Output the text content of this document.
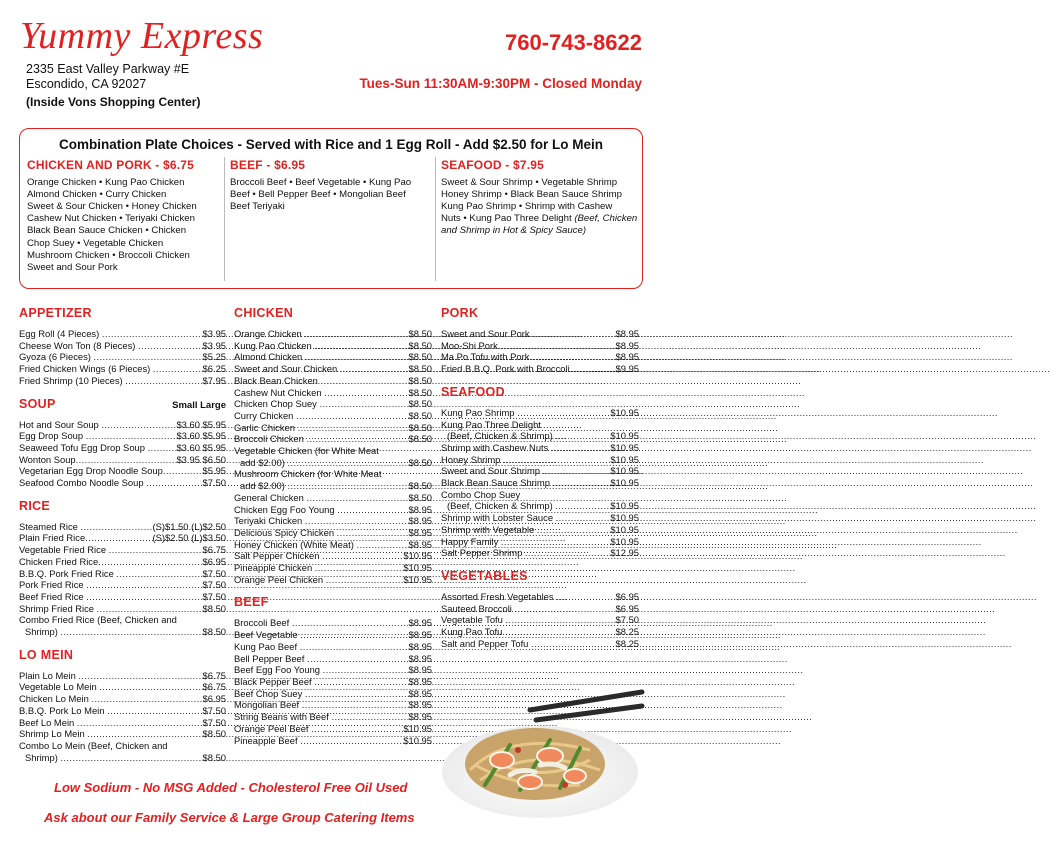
Yummy Express
2335 East Valley Parkway #E
Escondido, CA 92027
(Inside Vons Shopping Center)
760-743-8622
Tues-Sun 11:30AM-9:30PM - Closed Monday
Combination Plate Choices - Served with Rice and 1 Egg Roll - Add $2.50 for Lo Mein
CHICKEN AND PORK - $6.75
Orange Chicken • Kung Pao Chicken
Almond Chicken • Curry Chicken
Sweet & Sour Chicken • Honey Chicken
Cashew Nut Chicken • Teriyaki Chicken
Black Bean Sauce Chicken • Chicken
Chop Suey • Vegetable Chicken
Mushroom Chicken • Broccoli Chicken
Sweet and Sour Pork
BEEF - $6.95
Broccoli Beef • Beef Vegetable • Kung Pao
Beef • Bell Pepper Beef • Mongolian Beef
Beef Teriyaki
SEAFOOD - $7.95
Sweet & Sour Shrimp • Vegetable Shrimp
Honey Shrimp • Black Bean Sauce Shrimp
Kung Pao Shrimp • Shrimp with Cashew
Nuts • Kung Pao Three Delight (Beef, Chicken and Shrimp in Hot & Spicy Sauce)
APPETIZER
Egg Roll (4 Pieces) .....	$3.95
Cheese Won Ton (8 Pieces) .....	$3.95
Gyoza (6 Pieces) .....	$5.25
Fried Chicken Wings (6 Pieces) .....	$6.25
Fried Shrimp (10 Pieces) .....	$7.95
SOUP	Small Large
Hot and Sour Soup .....	$3.60 $5.95
Egg Drop Soup .....	$3.60 $5.95
Seaweed Tofu Egg Drop Soup .....	$3.60 $5.95
Wonton Soup .....	$3.95 $6.50
Vegetarian Egg Drop Noodle Soup .....	$5.95
Seafood Combo Noodle Soup .....	$7.50
RICE
Steamed Rice .....	(S)$1.50 (L)$2.50
Plain Fried Rice .....	(S)$2.50 (L)$3.50
Vegetable Fried Rice .....	$6.75
Chicken Fried Rice .....	$6.95
B.B.Q. Pork Fried Rice .....	$7.50
Pork Fried Rice .....	$7.50
Beef Fried Rice .....	$7.50
Shrimp Fried Rice .....	$8.50
Combo Fried Rice (Beef, Chicken and
Shrimp) .....	$8.50
LO MEIN
Plain Lo Mein .....	$6.75
Vegetable Lo Mein .....	$6.75
Chicken Lo Mein .....	$6.95
B.B.Q. Pork Lo Mein .....	$7.50
Beef Lo Mein .....	$7.50
Shrimp Lo Mein .....	$8.50
Combo Lo Mein (Beef, Chicken and
Shrimp) .....	$8.50
CHICKEN
Orange Chicken .....	$8.50
Kung Pao Chicken .....	$8.50
Almond Chicken .....	$8.50
Sweet and Sour Chicken .....	$8.50
Black Bean Chicken .....	$8.50
Cashew Nut Chicken .....	$8.50
Chicken Chop Suey .....	$8.50
Curry Chicken .....	$8.50
Garlic Chicken .....	$8.50
Broccoli Chicken .....	$8.50
Vegetable Chicken (for White Meat
add $2.00) .....	$8.50
Mushroom Chicken (for White Meat
add $2.00) .....	$8.50
General Chicken .....	$8.50
Chicken Egg Foo Young .....	$8.95
Teriyaki Chicken .....	$8.95
Delicious Spicy Chicken .....	$8.95
Honey Chicken (White Meat) .....	$8.95
Salt Pepper Chicken .....	$10.95
Pineapple Chicken .....	$10.95
Orange Peel Chicken .....	$10.95
BEEF
Broccoli Beef .....	$8.95
Beef Vegetable .....	$8.95
Kung Pao Beef .....	$8.95
Bell Pepper Beef .....	$8.95
Beef Egg Foo Young .....	$8.95
Black Pepper Beef .....	$8.95
Beef Chop Suey .....	$8.95
Mongolian Beef .....	$8.95
String Beans with Beef .....	$8.95
Orange Peel Beef .....	$10.95
Pineapple Beef .....	$10.95
PORK
Sweet and Sour Pork .....	$8.95
Moo-Shi Pork .....	$8.95
Ma Po Tofu with Pork .....	$8.95
Fried B.B.Q. Pork with Broccoli .....	$9.95
SEAFOOD
Kung Pao Shrimp .....	$10.95
Kung Pao Three Delight
(Beef, Chicken & Shrimp) .....	$10.95
Shrimp with Cashew Nuts .....	$10.95
Honey Shrimp .....	$10.95
Sweet and Sour Shrimp .....	$10.95
Black Bean Sauce Shrimp .....	$10.95
Combo Chop Suey
(Beef, Chicken & Shrimp) .....	$10.95
Shrimp with Lobster Sauce .....	$10.95
Shrimp with Vegetable .....	$10.95
Happy Family .....	$10.95
Salt Pepper Shrimp .....	$12.95
VEGETABLES
Assorted Fresh Vegetables .....	$6.95
Sauteed Broccoli .....	$6.95
Vegetable Tofu .....	$7.50
Kung Pao Tofu .....	$8.25
Salt and Pepper Tofu .....	$8.25
Low Sodium - No MSG Added - Cholesterol Free Oil Used
Ask about our Family Service & Large Group Catering Items
